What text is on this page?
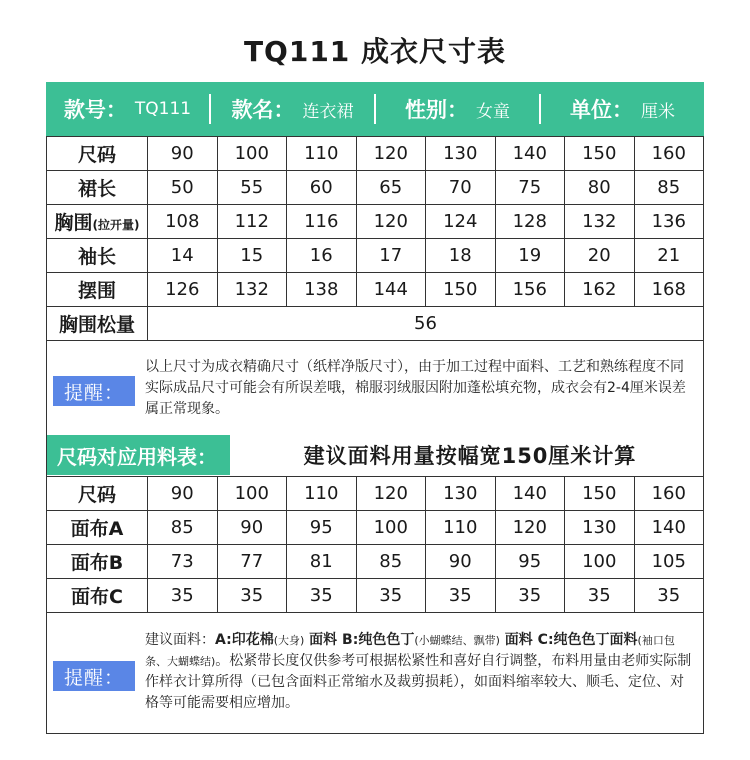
TQ111 成衣尺寸表
款号： TQ111 款名： 连衣裙 性别： 女童	单位： 厘米
尺码	90	100	110	120	130	140	150	160
裙长	50	55	60	65	70	75	80	85
胸围(拉开量)	108	112	116	120	124	128	132	136
袖长	14	15	16	17	18	19	20	21
摆围	126	132	138	144	150	156	162	168
胸围松量	56							
提醒：
以上尺寸为成衣精确尺寸（纸样净版尺寸），由于加工过程中面料、工艺和熟练程度不同实际成品尺寸可能会有所误差哦，棉服羽绒服因附加蓬松填充物，成衣会有2-4厘米误差属正常现象。
尺码对应用料表：	建议面料用量按幅宽150厘米计算
尺码	90	100	110	120	130	140	150	160
面布A	85	90	95	100	110	120	130	140
面布B	73	77	81	85	90	95	100	105
面布C	35	35	35	35	35	35	35	35
提醒：
建议面料：A:印花棉(大身) 面料 B:纯色色丁(小蝴蝶结、飘带) 面料 C:纯色色丁面料(袖口包条、大蝴蝶结)。松紧带长度仅供参考可根据松紧性和喜好自行调整，布料用量由老师实际制作样衣计算所得（已包含面料正常缩水及裁剪损耗），如面料缩率较大、顺毛、定位、对格等可能需要相应增加。
